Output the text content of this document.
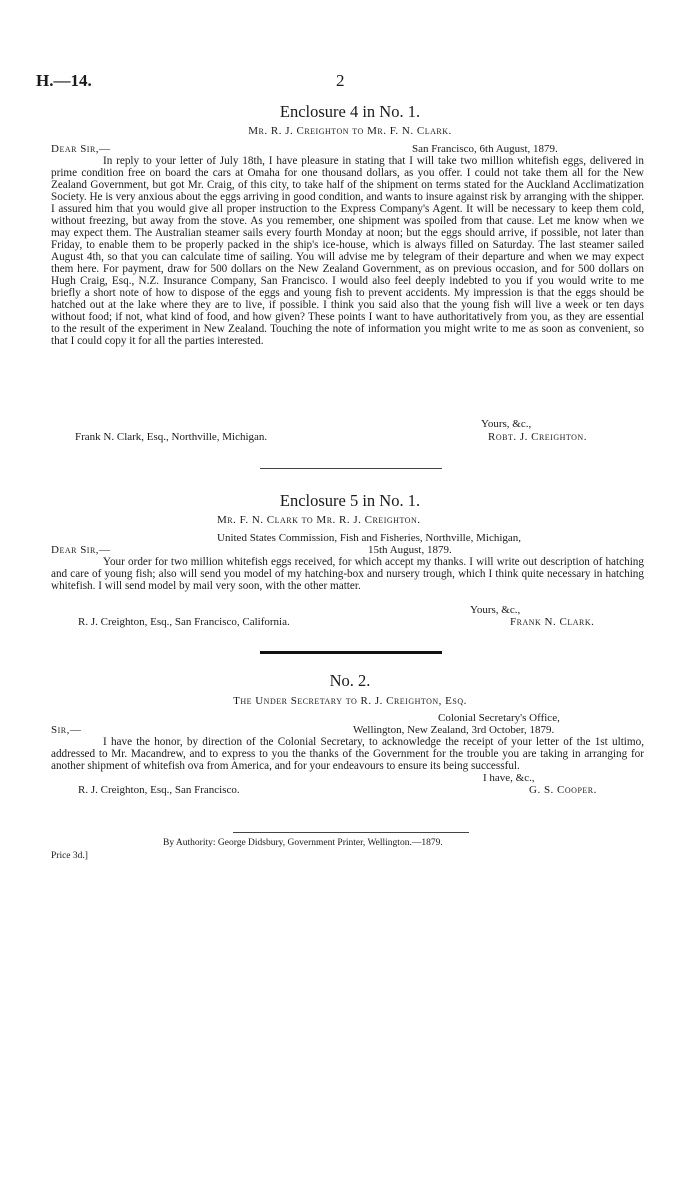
H.—14.	2
Enclosure 4 in No. 1.
Mr. R. J. Creighton to Mr. F. N. Clark.
Dear Sir,—	San Francisco, 6th August, 1879.

In reply to your letter of July 18th, I have pleasure in stating that I will take two million whitefish eggs, delivered in prime condition free on board the cars at Omaha for one thousand dollars, as you offer. I could not take them all for the New Zealand Government, but got Mr. Craig, of this city, to take half of the shipment on terms stated for the Auckland Acclimatization Society. He is very anxious about the eggs arriving in good condition, and wants to insure against risk by arranging with the shipper. I assured him that you would give all proper instruction to the Express Company's Agent. It will be necessary to keep them cold, without freezing, but away from the stove. As you remember, one shipment was spoiled from that cause. Let me know when we may expect them. The Australian steamer sails every fourth Monday at noon; but the eggs should arrive, if possible, not later than Friday, to enable them to be properly packed in the ship's ice-house, which is always filled on Saturday. The last steamer sailed August 4th, so that you can calculate time of sailing. You will advise me by telegram of their departure and when we may expect them here. For payment, draw for 500 dollars on the New Zealand Government, as on previous occasion, and for 500 dollars on Hugh Craig, Esq., N.Z. Insurance Company, San Francisco. I would also feel deeply indebted to you if you would write to me briefly a short note of how to dispose of the eggs and young fish to prevent accidents. My impression is that the eggs should be hatched out at the lake where they are to live, if possible. I think you said also that the young fish will live a week or ten days without food; if not, what kind of food, and how given? These points I want to have authoritatively from you, as they are essential to the result of the experiment in New Zealand. Touching the note of information you might write to me as soon as convenient, so that I could copy it for all the parties interested.

Yours, &c.,
Frank N. Clark, Esq., Northville, Michigan.	Robt. J. Creighton.
Enclosure 5 in No. 1.
Mr. F. N. Clark to Mr. R. J. Creighton.
United States Commission, Fish and Fisheries, Northville, Michigan,
Dear Sir,—	15th August, 1879.

Your order for two million whitefish eggs received, for which accept my thanks. I will write out description of hatching and care of young fish; also will send you model of my hatching-box and nursery trough, which I think quite necessary in hatching whitefish. I will send model by mail very soon, with the other matter.

Yours, &c.,
R. J. Creighton, Esq., San Francisco, California.	Frank N. Clark.
No. 2.
The Under Secretary to R. J. Creighton, Esq.
Colonial Secretary's Office,
Sir,—	Wellington, New Zealand, 3rd October, 1879.

I have the honor, by direction of the Colonial Secretary, to acknowledge the receipt of your letter of the 1st ultimo, addressed to Mr. Macandrew, and to express to you the thanks of the Government for the trouble you are taking in arranging for another shipment of whitefish ova from America, and for your endeavours to ensure its being successful.

I have, &c.,
R. J. Creighton, Esq., San Francisco.	G. S. Cooper.
By Authority: George Didsbury, Government Printer, Wellington.—1879.
Price 3d.]
